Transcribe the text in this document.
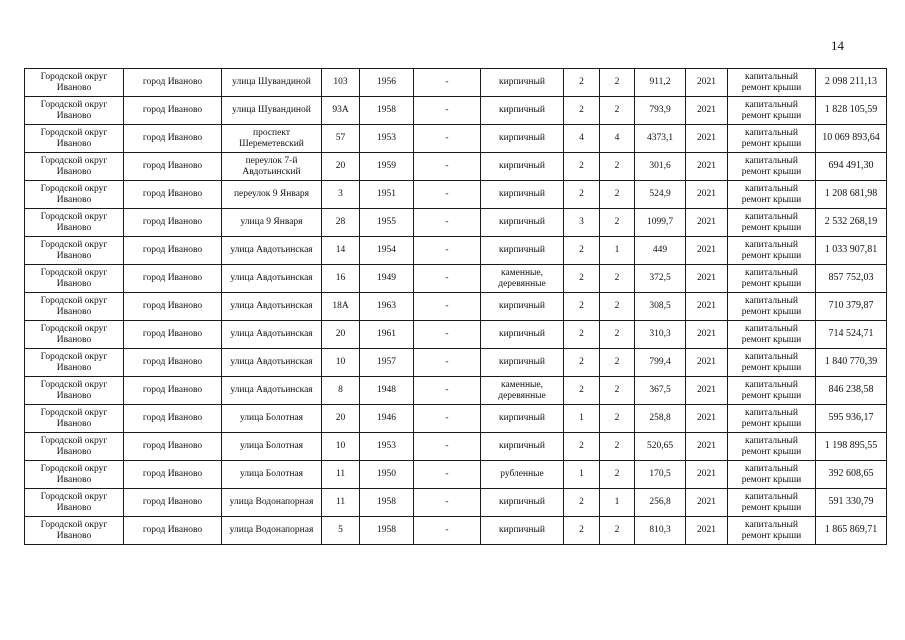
14
Городской округ Иваново	город Иваново	улица Шувандиной	103	1956	-	кирпичный	2	2	911,2	2021	капитальный ремонт крыши	2 098 211,13
Городской округ Иваново	город Иваново	улица Шувандиной	93А	1958	-	кирпичный	2	2	793,9	2021	капитальный ремонт крыши	1 828 105,59
Городской округ Иваново	город Иваново	проспект Шереметевский	57	1953	-	кирпичный	4	4	4373,1	2021	капитальный ремонт крыши	10 069 893,64
Городской округ Иваново	город Иваново	переулок 7-й Авдотьинский	20	1959	-	кирпичный	2	2	301,6	2021	капитальный ремонт крыши	694 491,30
Городской округ Иваново	город Иваново	переулок 9 Января	3	1951	-	кирпичный	2	2	524,9	2021	капитальный ремонт крыши	1 208 681,98
Городской округ Иваново	город Иваново	улица 9 Января	28	1955	-	кирпичный	3	2	1099,7	2021	капитальный ремонт крыши	2 532 268,19
Городской округ Иваново	город Иваново	улица Авдотьинская	14	1954	-	кирпичный	2	1	449	2021	капитальный ремонт крыши	1 033 907,81
Городской округ Иваново	город Иваново	улица Авдотьинская	16	1949	-	каменные, деревянные	2	2	372,5	2021	капитальный ремонт крыши	857 752,03
Городской округ Иваново	город Иваново	улица Авдотьинская	18А	1963	-	кирпичный	2	2	308,5	2021	капитальный ремонт крыши	710 379,87
Городской округ Иваново	город Иваново	улица Авдотьинская	20	1961	-	кирпичный	2	2	310,3	2021	капитальный ремонт крыши	714 524,71
Городской округ Иваново	город Иваново	улица Авдотьинская	10	1957	-	кирпичный	2	2	799,4	2021	капитальный ремонт крыши	1 840 770,39
Городской округ Иваново	город Иваново	улица Авдотьинская	8	1948	-	каменные, деревянные	2	2	367,5	2021	капитальный ремонт крыши	846 238,58
Городской округ Иваново	город Иваново	улица Болотная	20	1946	-	кирпичный	1	2	258,8	2021	капитальный ремонт крыши	595 936,17
Городской округ Иваново	город Иваново	улица Болотная	10	1953	-	кирпичный	2	2	520,65	2021	капитальный ремонт крыши	1 198 895,55
Городской округ Иваново	город Иваново	улица Болотная	11	1950	-	рубленные	1	2	170,5	2021	капитальный ремонт крыши	392 608,65
Городской округ Иваново	город Иваново	улица Водонапорная	11	1958	-	кирпичный	2	1	256,8	2021	капитальный ремонт крыши	591 330,79
Городской округ Иваново	город Иваново	улица Водонапорная	5	1958	-	кирпичный	2	2	810,3	2021	капитальный ремонт крыши	1 865 869,71
